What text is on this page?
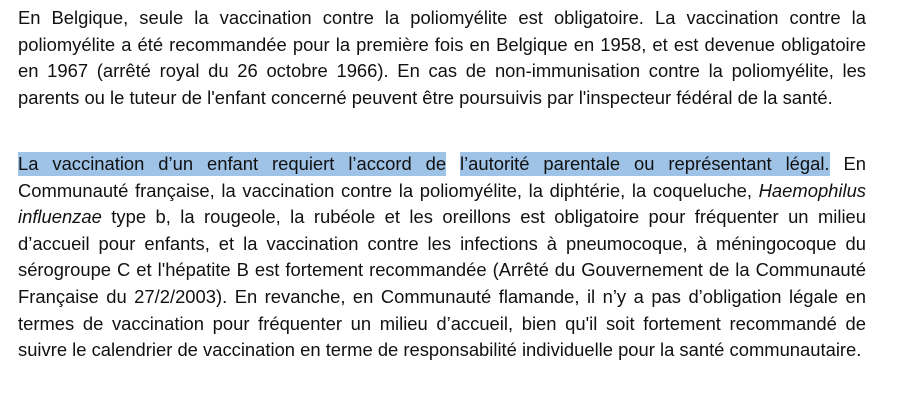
En Belgique, seule la vaccination contre la poliomyélite est obligatoire. La vaccination contre la poliomyélite a été recommandée pour la première fois en Belgique en 1958, et est devenue obligatoire en 1967 (arrêté royal du 26 octobre 1966). En cas de non-immunisation contre la poliomyélite, les parents ou le tuteur de l'enfant concerné peuvent être poursuivis par l'inspecteur fédéral de la santé.

La vaccination d’un enfant requiert l’accord de l’autorité parentale ou représentant légal. En Communauté française, la vaccination contre la poliomyélite, la diphtérie, la coqueluche, Haemophilus influenzae type b, la rougeole, la rubéole et les oreillons est obligatoire pour fréquenter un milieu d’accueil pour enfants, et la vaccination contre les infections à pneumocoque, à méningocoque du sérogroupe C et l'hépatite B est fortement recommandée (Arrêté du Gouvernement de la Communauté Française du 27/2/2003). En revanche, en Communauté flamande, il n’y a pas d’obligation légale en termes de vaccination pour fréquenter un milieu d’accueil, bien qu'il soit fortement recommandé de suivre le calendrier de vaccination en terme de responsabilité individuelle pour la santé communautaire.
